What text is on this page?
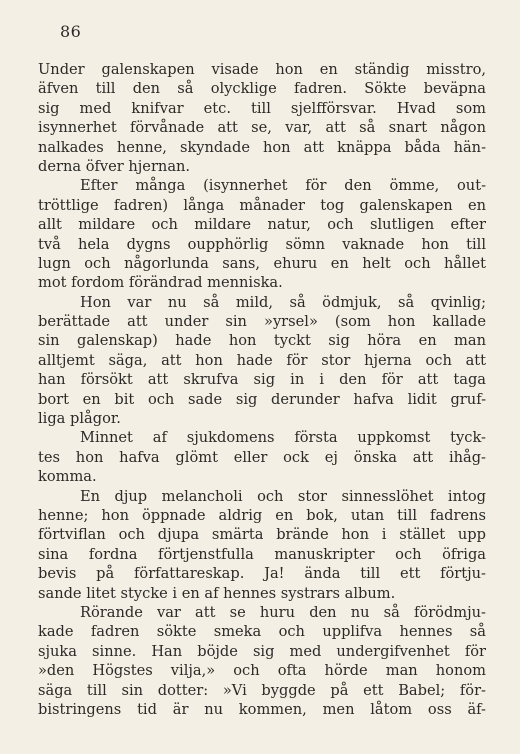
86
Under galenskapen visade hon en ständig misstro,
äfven till den så olycklige fadren. Sökte beväpna
sig med knifvar etc. till sjelfförsvar. Hvad som
isynnerhet förvånade att se, var, att så snart någon
nalkades henne, skyndade hon att knäppa båda hän-
derna öfver hjernan.
Efter många (isynnerhet för den ömme, out-
tröttlige fadren) långa månader tog galenskapen en
allt mildare och mildare natur, och slutligen efter
två hela dygns oupphörlig sömn vaknade hon till
lugn och någorlunda sans, ehuru en helt och hållet
mot fordom förändrad menniska.
Hon var nu så mild, så ödmjuk, så qvinlig;
berättade att under sin »yrsel» (som hon kallade
sin galenskap) hade hon tyckt sig höra en man
alltjemt säga, att hon hade för stor hjerna och att
han försökt att skrufva sig in i den för att taga
bort en bit och sade sig derunder hafva lidit gruf-
liga plågor.
Minnet af sjukdomens första uppkomst tyck-
tes hon hafva glömt eller ock ej önska att ihåg-
komma.
En djup melancholi och stor sinnesslöhet intog
henne; hon öppnade aldrig en bok, utan till fadrens
förtviflan och djupa smärta brände hon i stället upp
sina fordna förtjenstfulla manuskripter och öfriga
bevis på författareskap. Ja! ända till ett förtju-
sande litet stycke i en af hennes systrars album.
Rörande var att se huru den nu så förödmju-
kade fadren sökte smeka och upplifva hennes så
sjuka sinne. Han böjde sig med undergifvenhet för
»den Högstes vilja,» och ofta hörde man honom
säga till sin dotter: »Vi byggde på ett Babel; för-
bistringens tid är nu kommen, men låtom oss äf-
